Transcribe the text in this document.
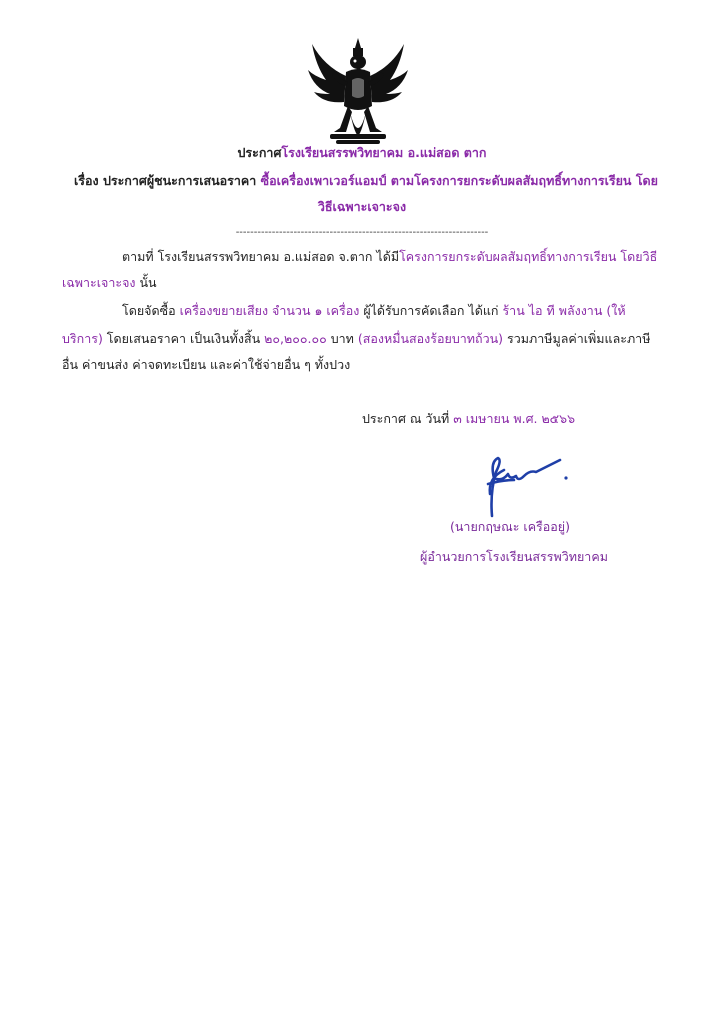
ประกาศโรงเรียนสรรพวิทยาคม อ.แม่สอด ตาก
เรื่อง ประกาศผู้ชนะการเสนอราคา ซื้อเครื่องเพาเวอร์แอมป์ ตามโครงการยกระดับผลสัมฤทธิ์ทางการเรียน โดย
วิธีเฉพาะเจาะจง
----------------------------------------------------------------------
ตามที่ โรงเรียนสรรพวิทยาคม อ.แม่สอด จ.ตาก ได้มีโครงการยกระดับผลสัมฤทธิ์ทางการเรียน โดยวิธี
เฉพาะเจาะจง นั้น
โดยจัดซื้อ เครื่องขยายเสียง จำนวน ๑ เครื่อง ผู้ได้รับการคัดเลือก ได้แก่ ร้าน ไอ ที พลังงาน (ให้
บริการ) โดยเสนอราคา เป็นเงินทั้งสิ้น ๒๐,๒๐๐.๐๐ บาท (สองหมื่นสองร้อยบาทถ้วน) รวมภาษีมูลค่าเพิ่มและภาษี
อื่น ค่าขนส่ง ค่าจดทะเบียน และค่าใช้จ่ายอื่น ๆ ทั้งปวง
ประกาศ ณ วันที่ ๓ เมษายน พ.ศ. ๒๕๖๖
(นายกฤษณะ เครืออยู่)
ผู้อำนวยการโรงเรียนสรรพวิทยาคม
